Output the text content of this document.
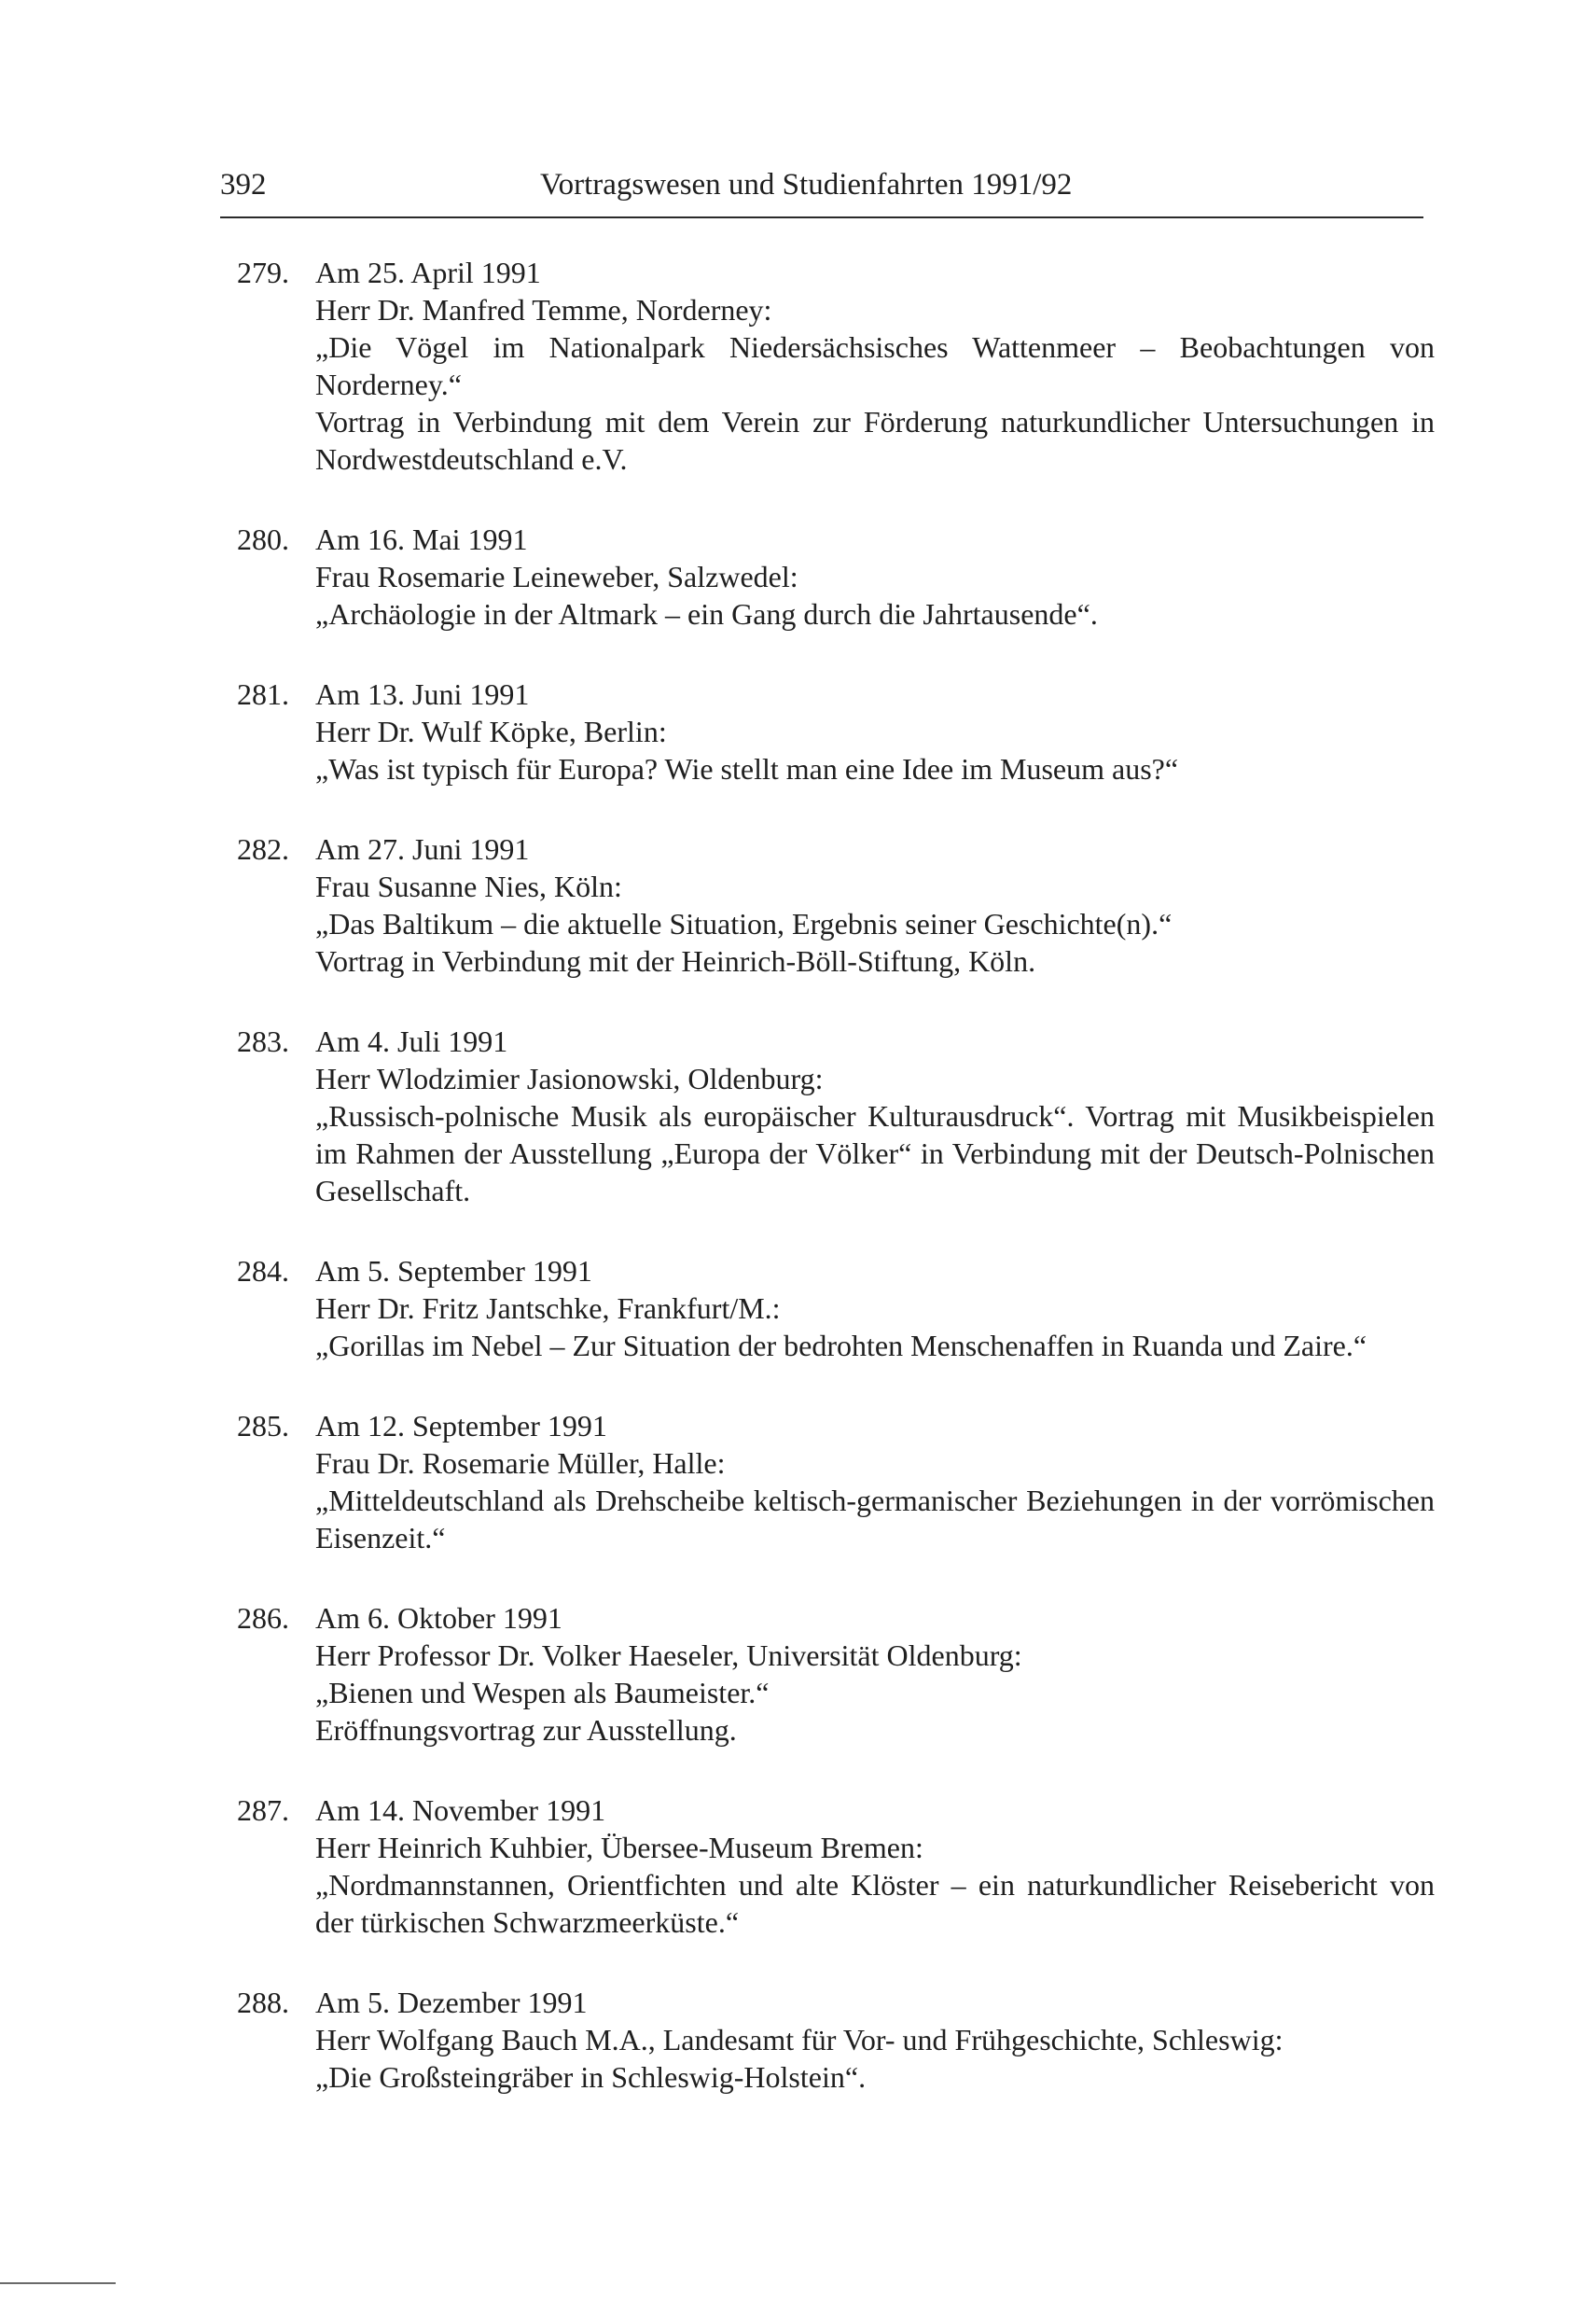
392	Vortragswesen und Studienfahrten 1991/92
279. Am 25. April 1991
Herr Dr. Manfred Temme, Norderney:
„Die Vögel im Nationalpark Niedersächsisches Wattenmeer – Beobachtungen von Norderney.“
Vortrag in Verbindung mit dem Verein zur Förderung naturkundlicher Untersuchungen in Nordwestdeutschland e.V.
280. Am 16. Mai 1991
Frau Rosemarie Leineweber, Salzwedel:
„Archäologie in der Altmark – ein Gang durch die Jahrtausende“.
281. Am 13. Juni 1991
Herr Dr. Wulf Köpke, Berlin:
„Was ist typisch für Europa? Wie stellt man eine Idee im Museum aus?“
282. Am 27. Juni 1991
Frau Susanne Nies, Köln:
„Das Baltikum – die aktuelle Situation, Ergebnis seiner Geschichte(n).“
Vortrag in Verbindung mit der Heinrich-Böll-Stiftung, Köln.
283. Am 4. Juli 1991
Herr Wlodzimier Jasionowski, Oldenburg:
„Russisch-polnische Musik als europäischer Kulturausdruck“. Vortrag mit Musikbeispielen im Rahmen der Ausstellung „Europa der Völker“ in Verbindung mit der Deutsch-Polnischen Gesellschaft.
284. Am 5. September 1991
Herr Dr. Fritz Jantschke, Frankfurt/M.:
„Gorillas im Nebel – Zur Situation der bedrohten Menschenaffen in Ruanda und Zaire.“
285. Am 12. September 1991
Frau Dr. Rosemarie Müller, Halle:
„Mitteldeutschland als Drehscheibe keltisch-germanischer Beziehungen in der vorrömischen Eisenzeit.“
286. Am 6. Oktober 1991
Herr Professor Dr. Volker Haeseler, Universität Oldenburg:
„Bienen und Wespen als Baumeister.“
Eröffnungsvortrag zur Ausstellung.
287. Am 14. November 1991
Herr Heinrich Kuhbier, Übersee-Museum Bremen:
„Nordmannstannen, Orientfichten und alte Klöster – ein naturkundlicher Reisebericht von der türkischen Schwarzmeerküste.“
288. Am 5. Dezember 1991
Herr Wolfgang Bauch M.A., Landesamt für Vor- und Frühgeschichte, Schleswig:
„Die Großsteingräber in Schleswig-Holstein“.
